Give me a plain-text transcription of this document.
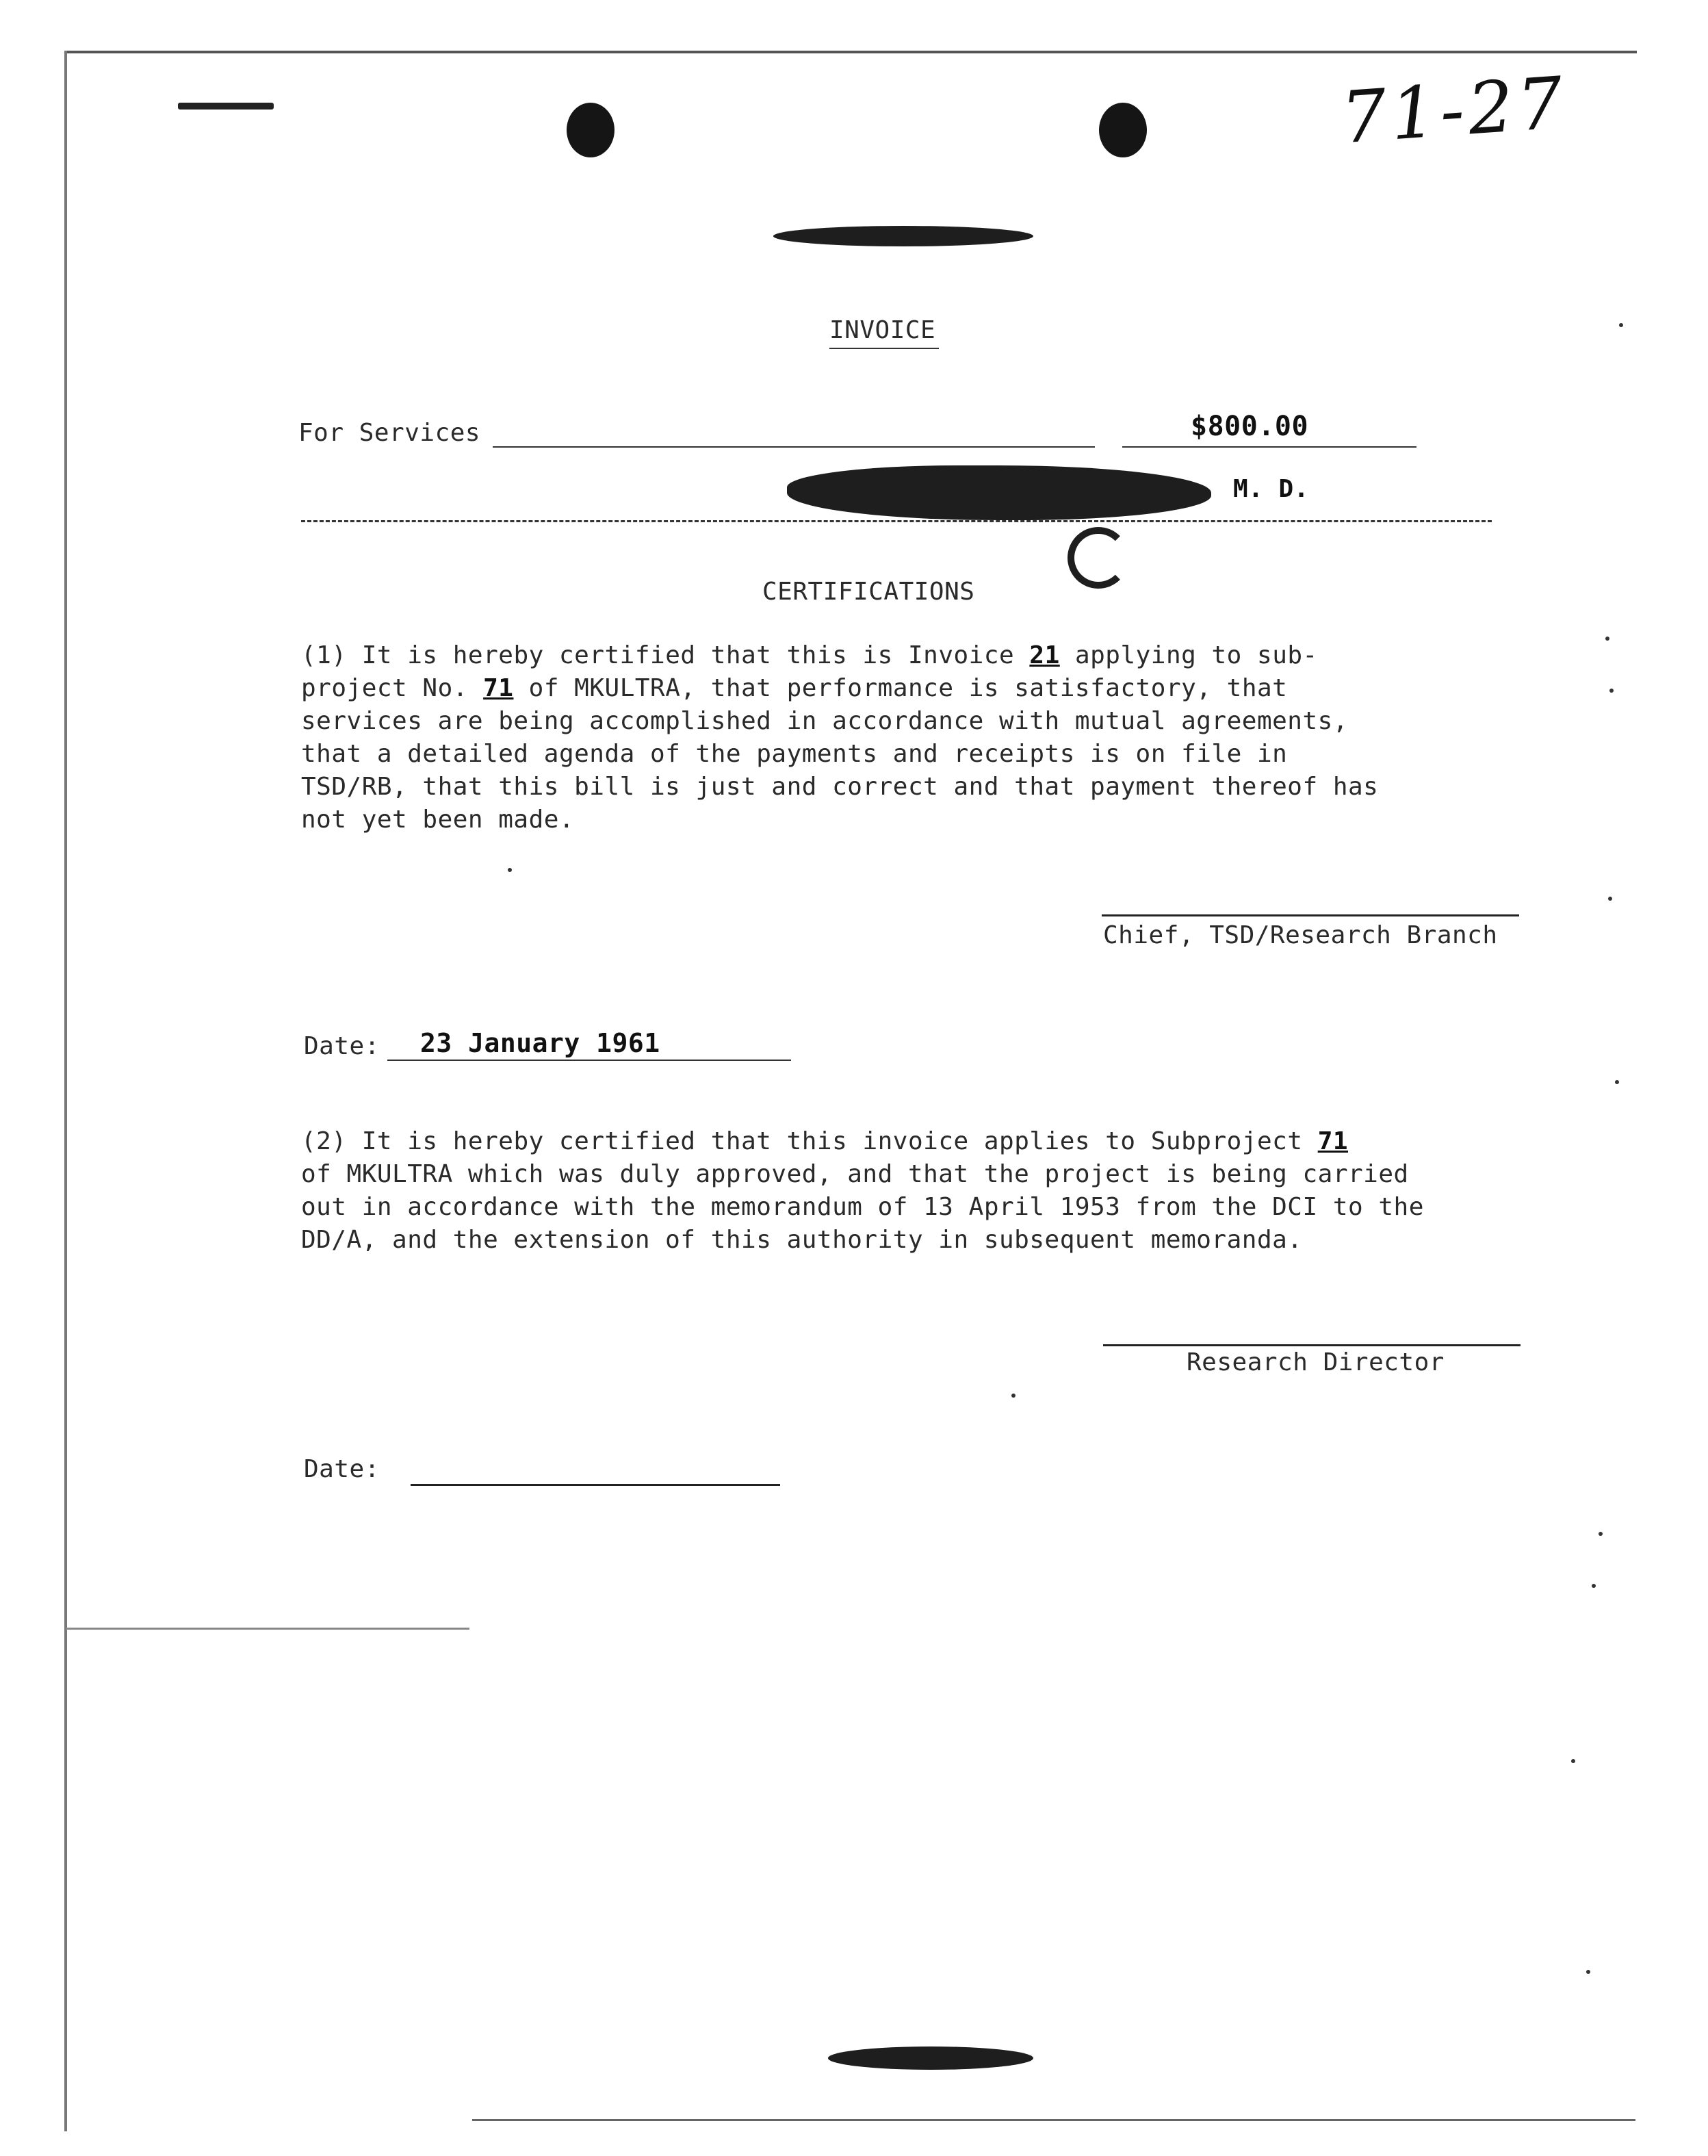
71-27
INVOICE
For Services	$800.00
M. D.
CERTIFICATIONS
(1) It is hereby certified that this is Invoice 21 applying to sub-
project No. 71 of MKULTRA, that performance is satisfactory, that
services are being accomplished in accordance with mutual agreements,
that a detailed agenda of the payments and receipts is on file in
TSD/RB, that this bill is just and correct and that payment thereof has
not yet been made.
Chief, TSD/Research Branch
Date: 23 January 1961
(2) It is hereby certified that this invoice applies to Subproject 71
of MKULTRA which was duly approved, and that the project is being carried
out in accordance with the memorandum of 13 April 1953 from the DCI to the
DD/A, and the extension of this authority in subsequent memoranda.
Research Director
Date:
